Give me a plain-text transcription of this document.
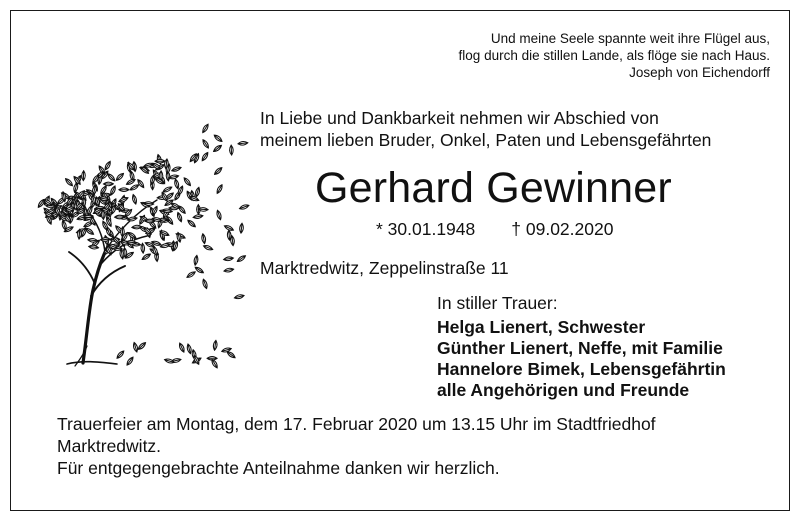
Und meine Seele spannte weit ihre Flügel aus,
flog durch die stillen Lande, als flöge sie nach Haus.
Joseph von Eichendorff
In Liebe und Dankbarkeit nehmen wir Abschied von
meinem lieben Bruder, Onkel, Paten und Lebensgefährten
Gerhard Gewinner
* 30.01.1948 † 09.02.2020
Marktredwitz, Zeppelinstraße 11
In stiller Trauer:
Helga Lienert, Schwester
Günther Lienert, Neffe, mit Familie
Hannelore Bimek, Lebensgefährtin
alle Angehörigen und Freunde
Trauerfeier am Montag, dem 17. Februar 2020 um 13.15 Uhr im Stadtfriedhof
Marktredwitz.
Für entgegengebrachte Anteilnahme danken wir herzlich.
